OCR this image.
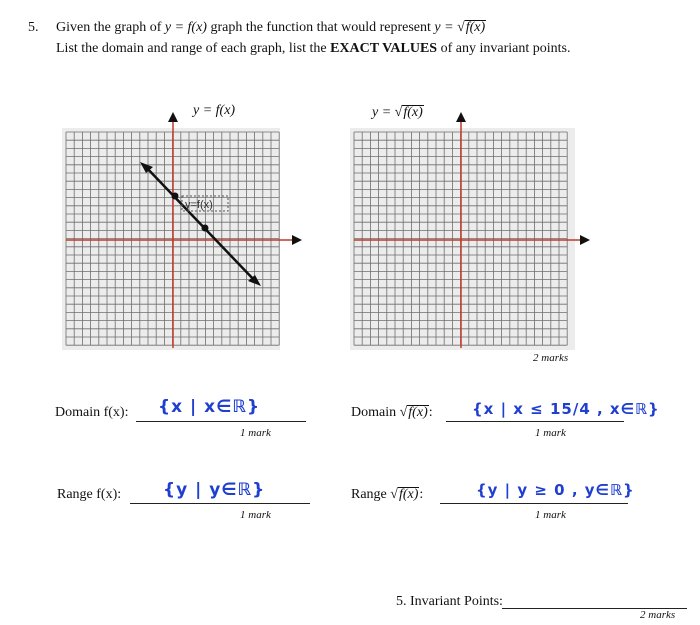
5. Given the graph of y = f(x) graph the function that would represent y = √f(x)
List the domain and range of each graph, list the EXACT VALUES of any invariant points.
y = f(x)	y = √f(x)
y=f(x)
2 marks
Domain f(x): {x | x∈ℝ}
1 mark
Domain √f(x):	{x | x ≤ 15/4 , x∈ℝ}
1 mark
Range f(x): {y | y∈ℝ}
1 mark
Range √f(x):	{y | y ≥ 0 , y∈ℝ}
1 mark
5. Invariant Points:
2 marks
